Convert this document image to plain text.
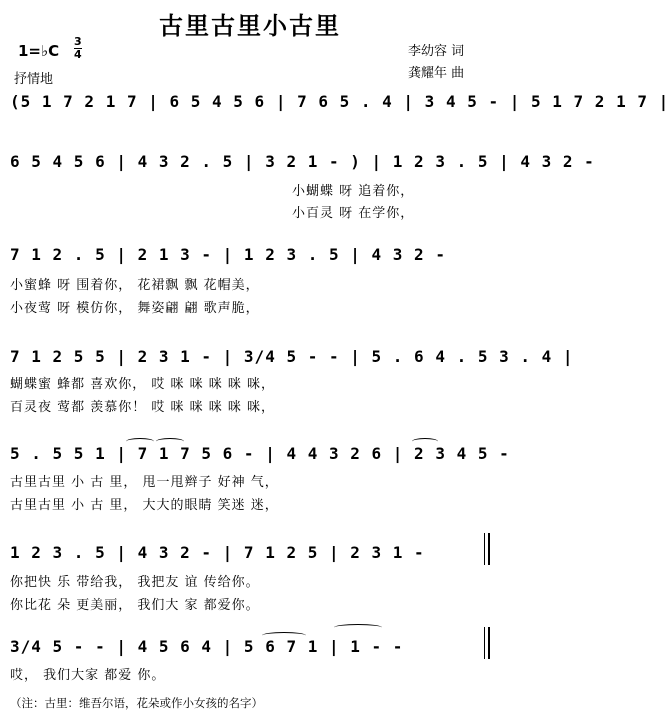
古里古里小古里
1=♭C
3
4
抒情地
李幼容 词
龚耀年 曲
(5 1 7 2 1 7 | 6 5 4 5 6 | 7 6 5 . 4 | 3 4 5 - | 5 1 7 2 1 7 |
6 5 4 5 6 | 4 3 2 . 5 | 3 2 1 - ) | 1 2 3 . 5 | 4 3 2 -
小蝴蝶 呀 追着你，
小百灵 呀 在学你，
7 1 2 . 5 | 2 1 3 - | 1 2 3 . 5 | 4 3 2 -
小蜜蜂 呀 围着你， 花裙飘 飘 花帽美，
小夜莺 呀 模仿你， 舞姿翩 翩 歌声脆，
7 1 2 5 5 | 2 3 1 - | 3/4 5 - - | 5 . 6 4 . 5 3 . 4 |
蝴蝶蜜 蜂都 喜欢你， 哎 咪 咪 咪 咪 咪，
百灵夜 莺都 羡慕你！ 哎 咪 咪 咪 咪 咪，
5 . 5 5 1 | 7 1 7 5 6 - | 4 4 3 2 6 | 2 3 4 5 -
古里古里 小 古 里， 甩一甩辫子 好神 气，
古里古里 小 古 里， 大大的眼睛 笑迷 迷，
1 2 3 . 5 | 4 3 2 - | 7 1 2 5 | 2 3 1 -
你把快 乐 带给我， 我把友 谊 传给你。
你比花 朵 更美丽， 我们大 家 都爱你。
3/4 5 - - | 4 5 6 4 | 5 6 7 1 | 1 - -
哎， 我们大家 都爱 你。
（注：古里：维吾尔语，花朵或作小女孩的名字）
